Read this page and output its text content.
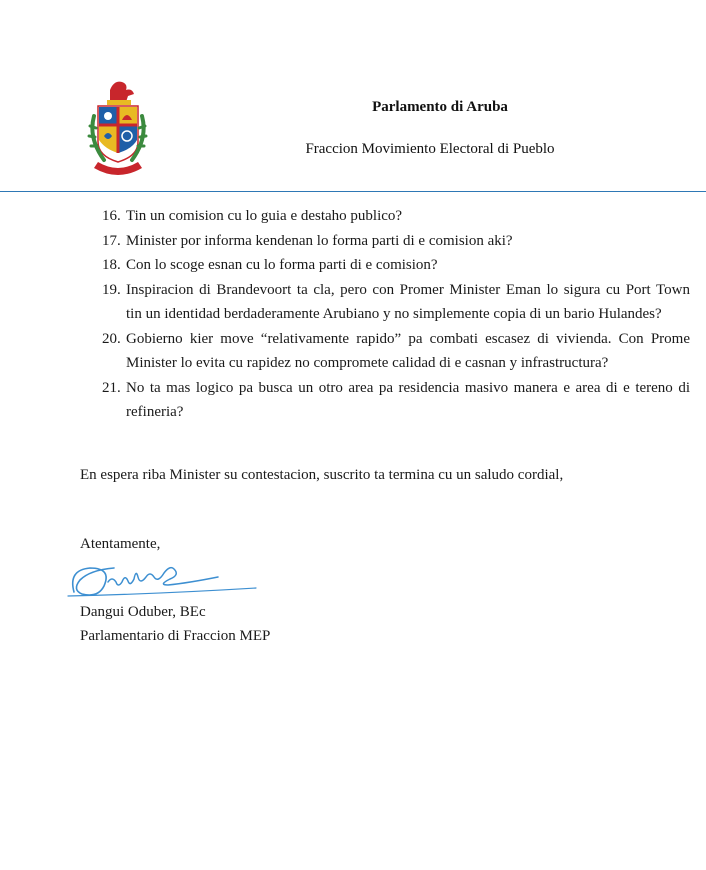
Parlamento di Aruba
Fraccion Movimiento Electoral di Pueblo
16. Tin un comision cu lo guia e destaho publico?
17. Minister por informa kendenan lo forma parti di e comision aki?
18. Con lo scoge esnan cu lo forma parti di e comision?
19. Inspiracion di Brandevoort ta cla, pero con Promer Minister Eman lo sigura cu Port Town
tin un identidad berdaderamente Arubiano y no simplemente copia di un bario Hulandes?
20. Gobierno kier move “relativamente rapido” pa combati escasez di vivienda. Con Prome
Minister lo evita cu rapidez no compromete calidad di e casnan y infrastructura?
21. No ta mas logico pa busca un otro area pa residencia masivo manera e area di e tereno di
refineria?
En espera riba Minister su contestacion, suscrito ta termina cu un saludo cordial,
Atentamente,
Dangui Oduber, BEc
Parlamentario di Fraccion MEP
